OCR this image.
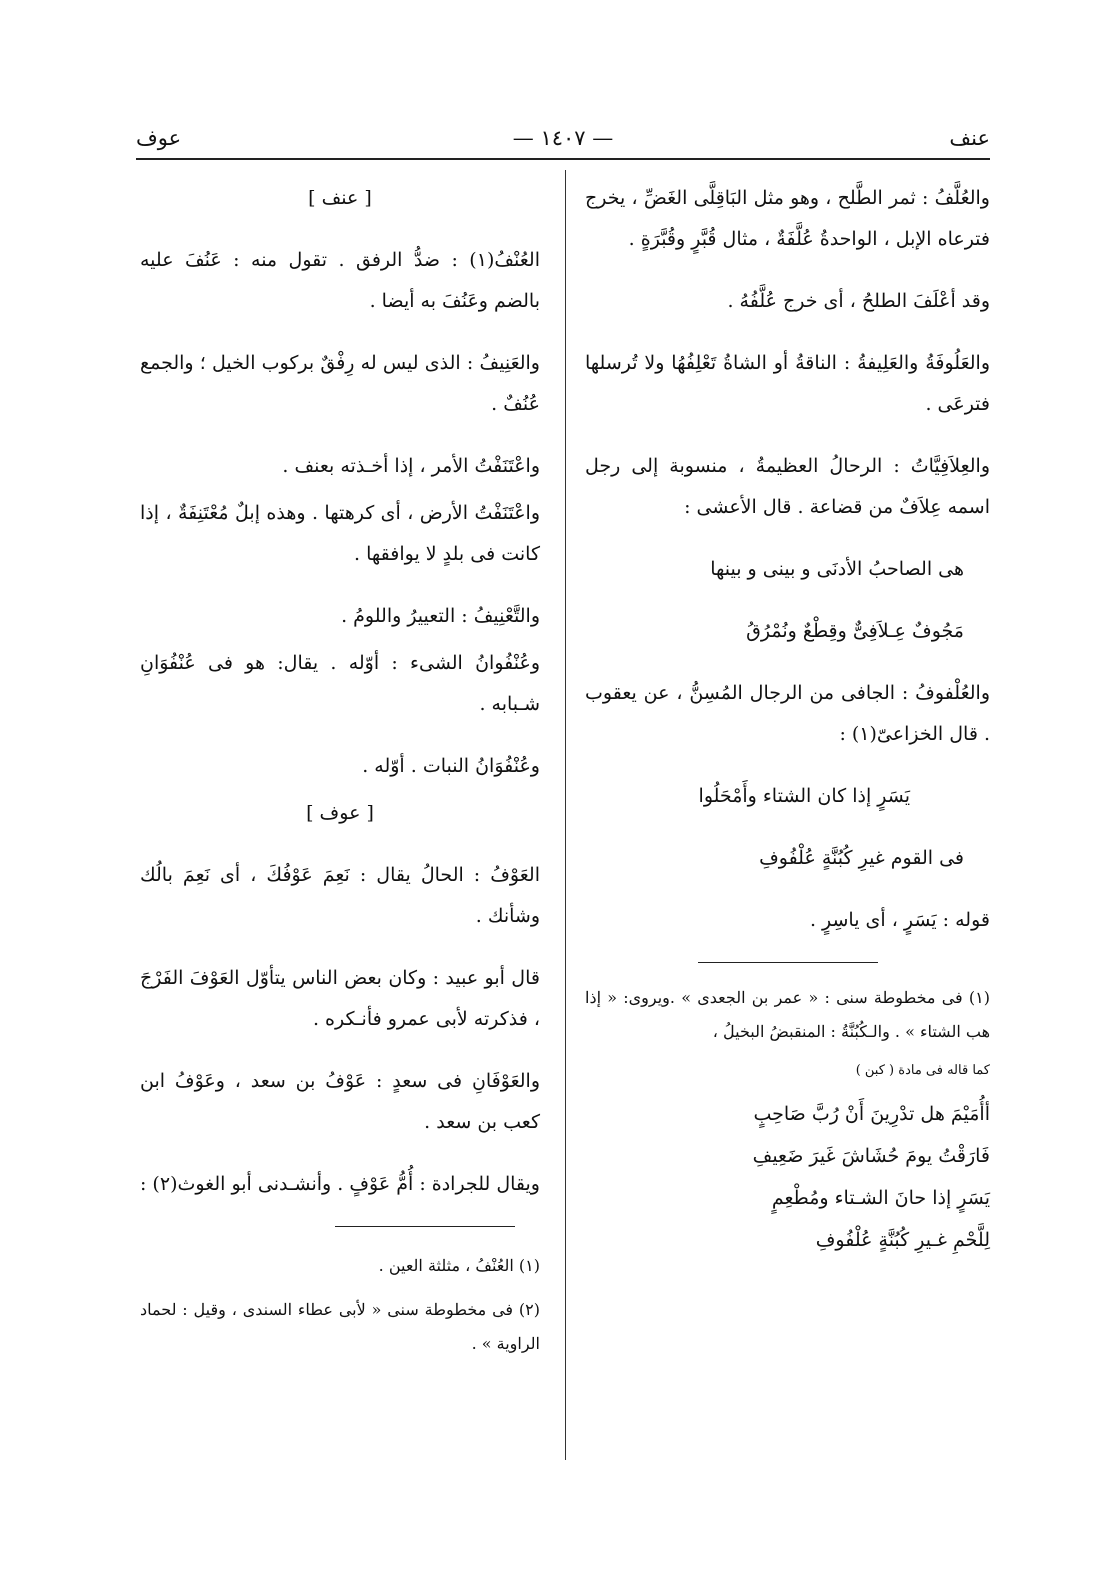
عنف
— ١٤٠٧ —
عوف

والعُلَّفُ : ثمر الطَّلح ، وهو مثل البَاقِلَّى الغَضِّ ، يخرج فترعاه الإبل ، الواحدةُ عُلَّفَةٌ ، مثال قُبَّرٍ وقُبَّرَةٍ .

وقد أعْلَفَ الطلحُ ، أى خرج عُلَّفُهُ .

والعَلُوفَةُ والعَلِيفةُ : الناقةُ أو الشاةُ تَعْلِفُهُا ولا تُرسلها فترعَى .

والعِلاَفِيَّاتُ : الرحالُ العظيمةُ ، منسوبة إلى رجل اسمه عِلاَفٌ من قضاعة . قال الأعشى :

هى الصاحبُ الأدنَى و بينى و بينها

مَجُوفٌ عِـلاَفِىٌّ وقِطْعٌ ونُمْرُقُ

والعُلْفوفُ : الجافى من الرجال المُسِنُّ ، عن يعقوب . قال الخزاعىّ(١) :

يَسَرٍ إذا كان الشتاء وأَمْحَلُوا

فى القوم غيرِ كُبُنَّةٍ عُلْفُوفِ

قوله : يَسَرٍ ، أى ياسِرٍ .

(١) فى مخطوطة سنى : « عمر بن الجعدى » .ويروى: « إذا هب الشتاء » . والـكُبُنَّةُ : المنقبضُ البخيلُ ،

كما قاله فى مادة ( كبن )

أأُمَيْمَ هل تدْرِينَ أَنْ رُبَّ صَاحِبٍ

فَارَقْتُ يومَ حُشَاشَ غَيرَ ضَعِيفِ

يَسَرٍ إذا حانَ الشـتاء ومُطْعِمٍ

لِلَّحْمِ غـيرِ كُبُنَّةٍ عُلْفُوفِ

[ عنف ]

العُنْفُ(١) : ضدُّ الرفق . تقول منه : عَنُفَ عليه بالضم وعَنُفَ به أيضا .

والعَنِيفُ : الذى ليس له رِفْقٌ بركوب الخيل ؛ والجمع عُنُفٌ .

واعْتَنَفْتُ الأمر ، إذا أخـذته بعنف .

واعْتَنَفْتُ الأرض ، أى كرهتها . وهذه إبلٌ مُعْتَنِفَةٌ ، إذا كانت فى بلدٍ لا يوافقها .

والتَّعْنِيفُ : التعييرُ واللومُ .

وعُنْفُوانُ الشىء : أوّله . يقال: هو فى عُنْفُوَانِ شـبابه .

وعُنْفُوَانُ النبات . أوّله .

[ عوف ]

العَوْفُ : الحالُ يقال : نَعِمَ عَوْفُكَ ، أى نَعِمَ بالُك وشأنك .

قال أبو عبيد : وكان بعض الناس يتأوّل العَوْفَ الفَرْجَ ، فذكرته لأبى عمرو فأنـكره .

والعَوْفَانِ فى سعدٍ : عَوْفُ بن سعد ، وعَوْفُ ابن كعب بن سعد .

ويقال للجرادة : أُمُّ عَوْفٍ . وأنشـدنى أبو الغوث(٢) :

(١) العُنْفُ ، مثلثة العين .

(٢) فى مخطوطة سنى « لأبى عطاء السندى ، وقيل : لحماد الراوية » .
